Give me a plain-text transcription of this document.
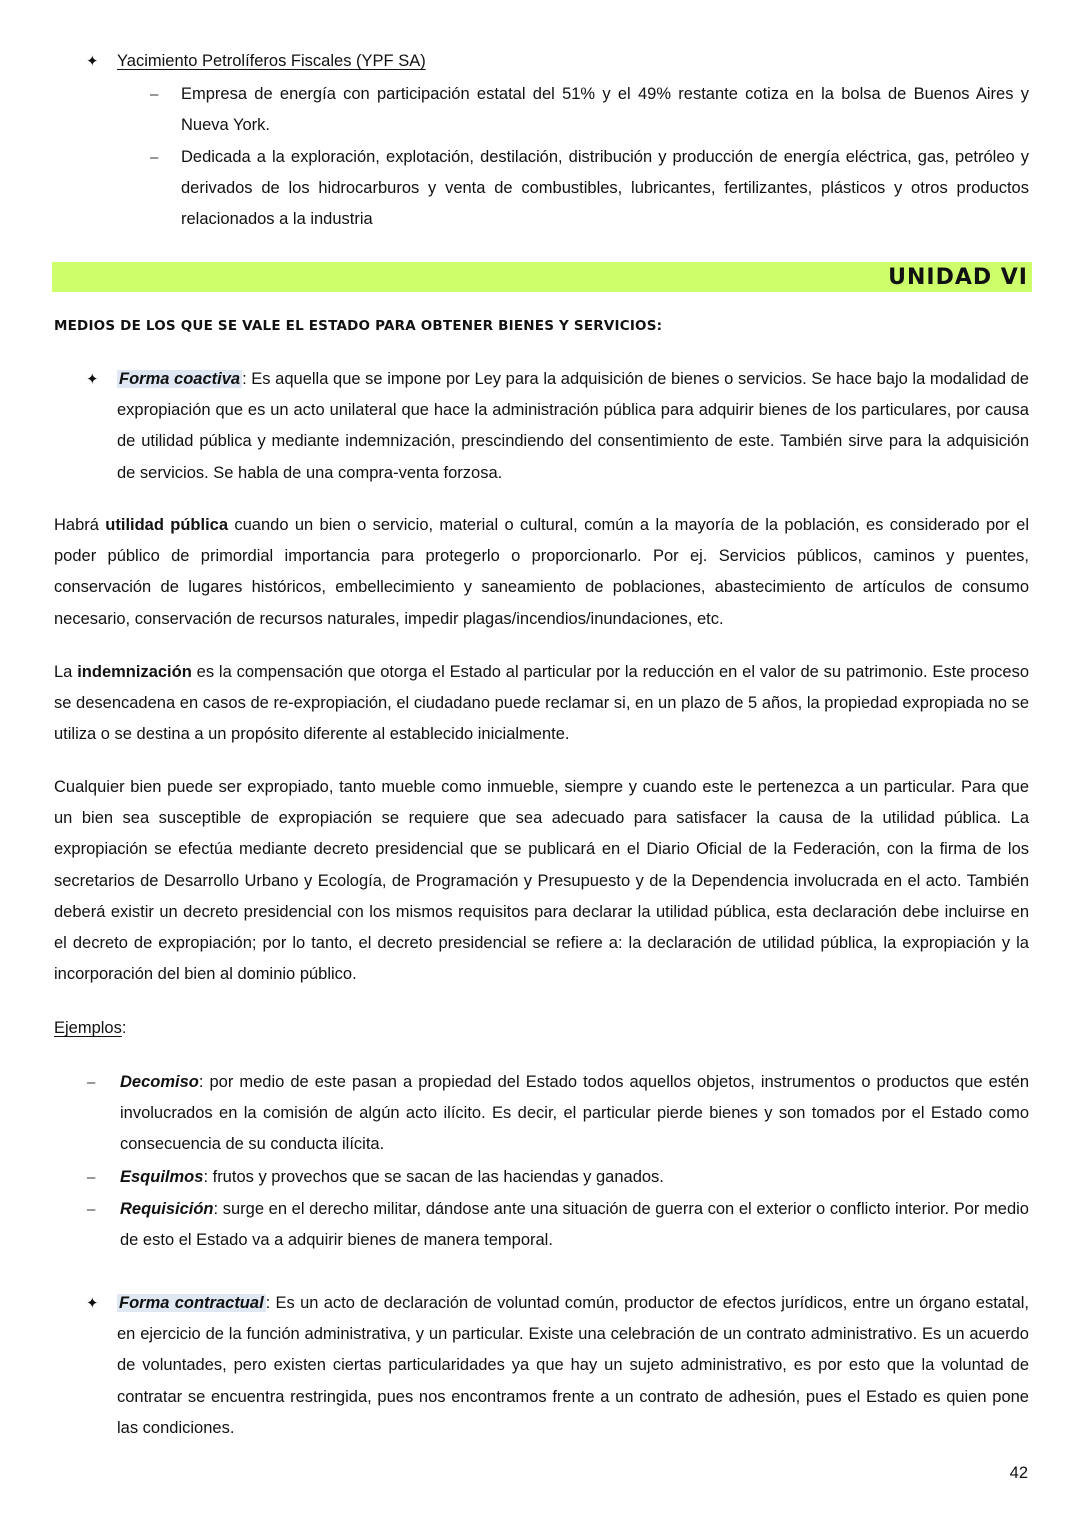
✦ Yacimiento Petrolíferos Fiscales (YPF SA)
– Empresa de energía con participación estatal del 51% y el 49% restante cotiza en la bolsa de Buenos Aires y Nueva York.
– Dedicada a la exploración, explotación, destilación, distribución y producción de energía eléctrica, gas, petróleo y derivados de los hidrocarburos y venta de combustibles, lubricantes, fertilizantes, plásticos y otros productos relacionados a la industria
UNIDAD VI
MEDIOS DE LOS QUE SE VALE EL ESTADO PARA OBTENER BIENES Y SERVICIOS:
✦ Forma coactiva : Es aquella que se impone por Ley para la adquisición de bienes o servicios. Se hace bajo la modalidad de expropiación que es un acto unilateral que hace la administración pública para adquirir bienes de los particulares, por causa de utilidad pública y mediante indemnización, prescindiendo del consentimiento de este. También sirve para la adquisición de servicios. Se habla de una compra-venta forzosa.
Habrá utilidad pública cuando un bien o servicio, material o cultural, común a la mayoría de la población, es considerado por el poder público de primordial importancia para protegerlo o proporcionarlo. Por ej. Servicios públicos, caminos y puentes, conservación de lugares históricos, embellecimiento y saneamiento de poblaciones, abastecimiento de artículos de consumo necesario, conservación de recursos naturales, impedir plagas/incendios/inundaciones, etc.
La indemnización es la compensación que otorga el Estado al particular por la reducción en el valor de su patrimonio. Este proceso se desencadena en casos de re-expropiación, el ciudadano puede reclamar si, en un plazo de 5 años, la propiedad expropiada no se utiliza o se destina a un propósito diferente al establecido inicialmente.
Cualquier bien puede ser expropiado, tanto mueble como inmueble, siempre y cuando este le pertenezca a un particular. Para que un bien sea susceptible de expropiación se requiere que sea adecuado para satisfacer la causa de la utilidad pública. La expropiación se efectúa mediante decreto presidencial que se publicará en el Diario Oficial de la Federación, con la firma de los secretarios de Desarrollo Urbano y Ecología, de Programación y Presupuesto y de la Dependencia involucrada en el acto. También deberá existir un decreto presidencial con los mismos requisitos para declarar la utilidad pública, esta declaración debe incluirse en el decreto de expropiación; por lo tanto, el decreto presidencial se refiere a: la declaración de utilidad pública, la expropiación y la incorporación del bien al dominio público.
Ejemplos:
– Decomiso: por medio de este pasan a propiedad del Estado todos aquellos objetos, instrumentos o productos que estén involucrados en la comisión de algún acto ilícito. Es decir, el particular pierde bienes y son tomados por el Estado como consecuencia de su conducta ilícita.
– Esquilmos: frutos y provechos que se sacan de las haciendas y ganados.
– Requisición: surge en el derecho militar, dándose ante una situación de guerra con el exterior o conflicto interior. Por medio de esto el Estado va a adquirir bienes de manera temporal.
✦ Forma contractual : Es un acto de declaración de voluntad común, productor de efectos jurídicos, entre un órgano estatal, en ejercicio de la función administrativa, y un particular. Existe una celebración de un contrato administrativo. Es un acuerdo de voluntades, pero existen ciertas particularidades ya que hay un sujeto administrativo, es por esto que la voluntad de contratar se encuentra restringida, pues nos encontramos frente a un contrato de adhesión, pues el Estado es quien pone las condiciones.
42
